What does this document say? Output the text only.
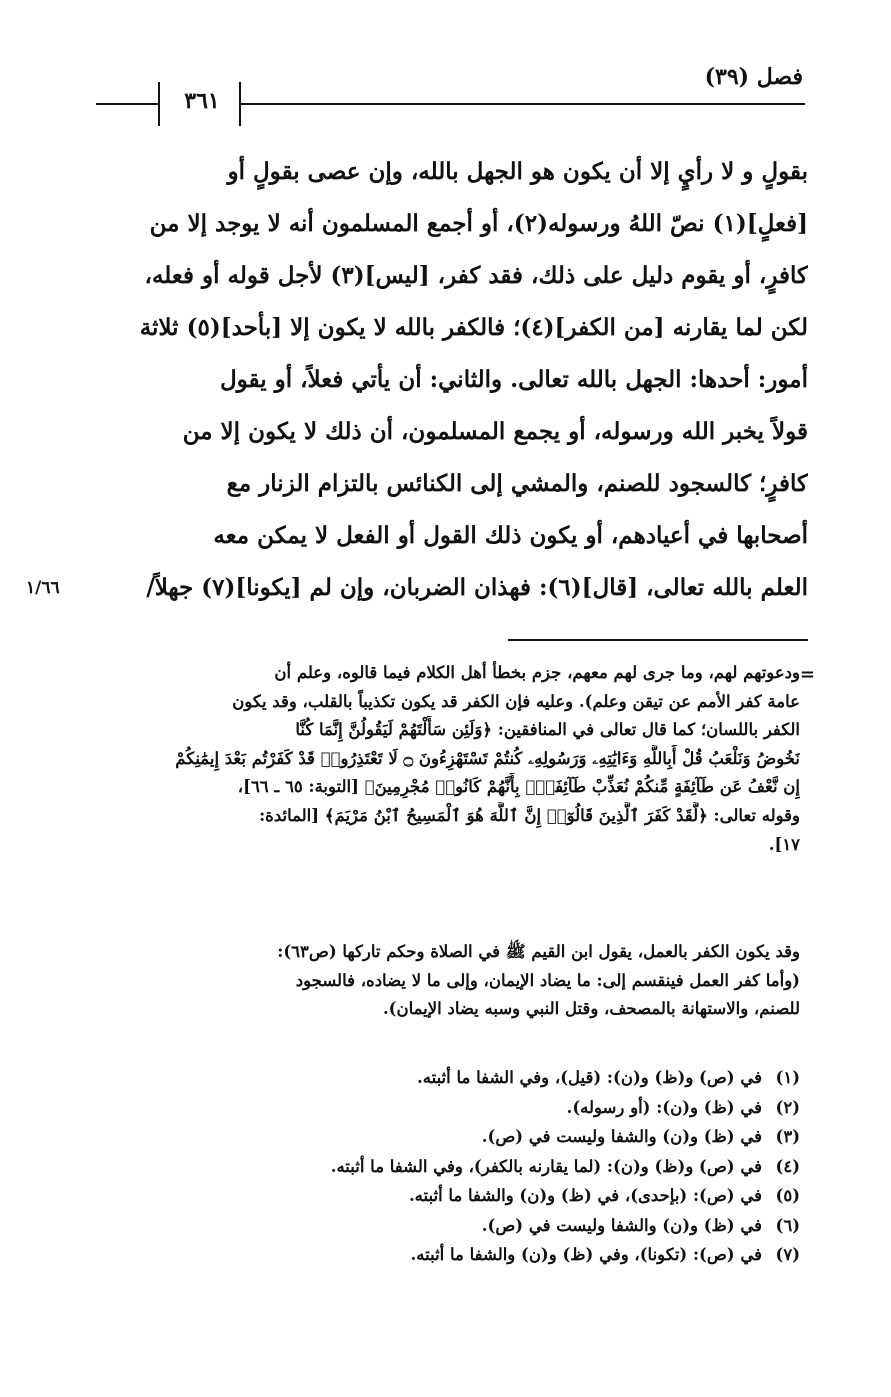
فصل (٣٩)
٣٦١
بقولٍ و لا رأيٍ إلا أن يكون هو الجهل بالله، وإن عصى بقولٍ أو
[فعلٍ](١) نصّ اللهُ ورسوله(٢)، أو أجمع المسلمون أنه لا يوجد إلا من
كافرٍ، أو يقوم دليل على ذلك، فقد كفر، [ليس](٣) لأجل قوله أو فعله،
لكن لما يقارنه [من الكفر](٤)؛ فالكفر بالله لا يكون إلا [بأحد](٥) ثلاثة
أمور: أحدها: الجهل بالله تعالى. والثاني: أن يأتي فعلاً، أو يقول
قولاً يخبر الله ورسوله، أو يجمع المسلمون، أن ذلك لا يكون إلا من
كافرٍ؛ كالسجود للصنم، والمشي إلى الكنائس بالتزام الزنار مع
أصحابها في أعيادهم، أو يكون ذلك القول أو الفعل لا يمكن معه
العلم بالله تعالى، [قال](٦): فهذان الضربان، وإن لم [يكونا](٧) جهلاً/
١/٦٦
=
ودعوتهم لهم، وما جرى لهم معهم، جزم بخطأ أهل الكلام فيما قالوه، وعلم أن
عامة كفر الأمم عن تيقن وعلم). وعليه فإن الكفر قد يكون تكذيباً بالقلب، وقد يكون
الكفر باللسان؛ كما قال تعالى في المنافقين: ﴿وَلَئِن سَأَلْتَهُمْ لَيَقُولُنَّ إِنَّمَا كُنَّا
نَخُوضُ وَنَلْعَبُ قُلْ أَبِاللَّهِ وَءَايَٰتِهِۦ وَرَسُولِهِۦ كُنتُمْ تَسْتَهْزِءُونَ ۝ لَا تَعْتَذِرُوا۟ قَدْ كَفَرْتُم بَعْدَ إِيمَٰنِكُمْ
إِن نَّعْفُ عَن طَآئِفَةٍ مِّنكُمْ نُعَذِّبْ طَآئِفَةًۢ بِأَنَّهُمْ كَانُوا۟ مُجْرِمِينَ﴾ [التوبة: ٦٥ ـ ٦٦]،
وقوله تعالى: ﴿لَّقَدْ كَفَرَ ٱلَّذِينَ قَالُوٓا۟ إِنَّ ٱللَّهَ هُوَ ٱلْمَسِيحُ ٱبْنُ مَرْيَمَ﴾ [المائدة:
١٧].
وقد يكون الكفر بالعمل، يقول ابن القيم ﷺ في الصلاة وحكم تاركها (ص٦٣):
(وأما كفر العمل فينقسم إلى: ما يضاد الإيمان، وإلى ما لا يضاده، فالسجود
للصنم، والاستهانة بالمصحف، وقتل النبي وسبه يضاد الإيمان).
(١)في (ص) و(ظ) و(ن): (قيل)، وفي الشفا ما أثبته.
(٢)في (ظ) و(ن): (أو رسوله).
(٣)في (ظ) و(ن) والشفا وليست في (ص).
(٤)في (ص) و(ظ) و(ن): (لما يقارنه بالكفر)، وفي الشفا ما أثبته.
(٥)في (ص): (بإحدى)، في (ظ) و(ن) والشفا ما أثبته.
(٦)في (ظ) و(ن) والشفا وليست في (ص).
(٧)في (ص): (تكونا)، وفي (ظ) و(ن) والشفا ما أثبته.
